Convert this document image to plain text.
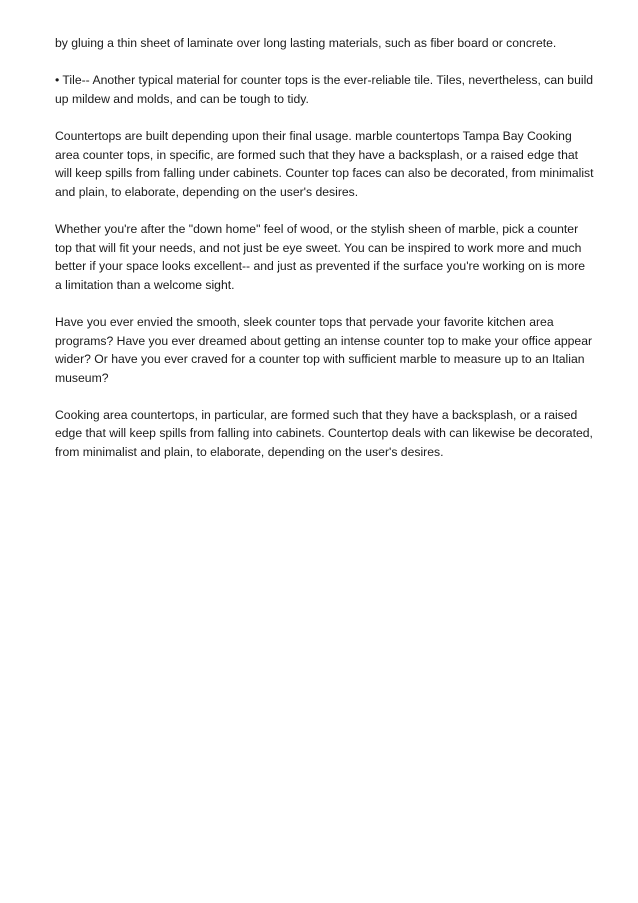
by gluing a thin sheet of laminate over long lasting materials, such as fiber board or concrete.

• Tile-- Another typical material for counter tops is the ever-reliable tile. Tiles, nevertheless, can build up mildew and molds, and can be tough to tidy.

Countertops are built depending upon their final usage. marble countertops Tampa Bay Cooking area counter tops, in specific, are formed such that they have a backsplash, or a raised edge that will keep spills from falling under cabinets. Counter top faces can also be decorated, from minimalist and plain, to elaborate, depending on the user's desires.

Whether you're after the "down home" feel of wood, or the stylish sheen of marble, pick a counter top that will fit your needs, and not just be eye sweet. You can be inspired to work more and much better if your space looks excellent-- and just as prevented if the surface you're working on is more a limitation than a welcome sight.

Have you ever envied the smooth, sleek counter tops that pervade your favorite kitchen area programs? Have you ever dreamed about getting an intense counter top to make your office appear wider? Or have you ever craved for a counter top with sufficient marble to measure up to an Italian museum?

Cooking area countertops, in particular, are formed such that they have a backsplash, or a raised edge that will keep spills from falling into cabinets. Countertop deals with can likewise be decorated, from minimalist and plain, to elaborate, depending on the user's desires.
